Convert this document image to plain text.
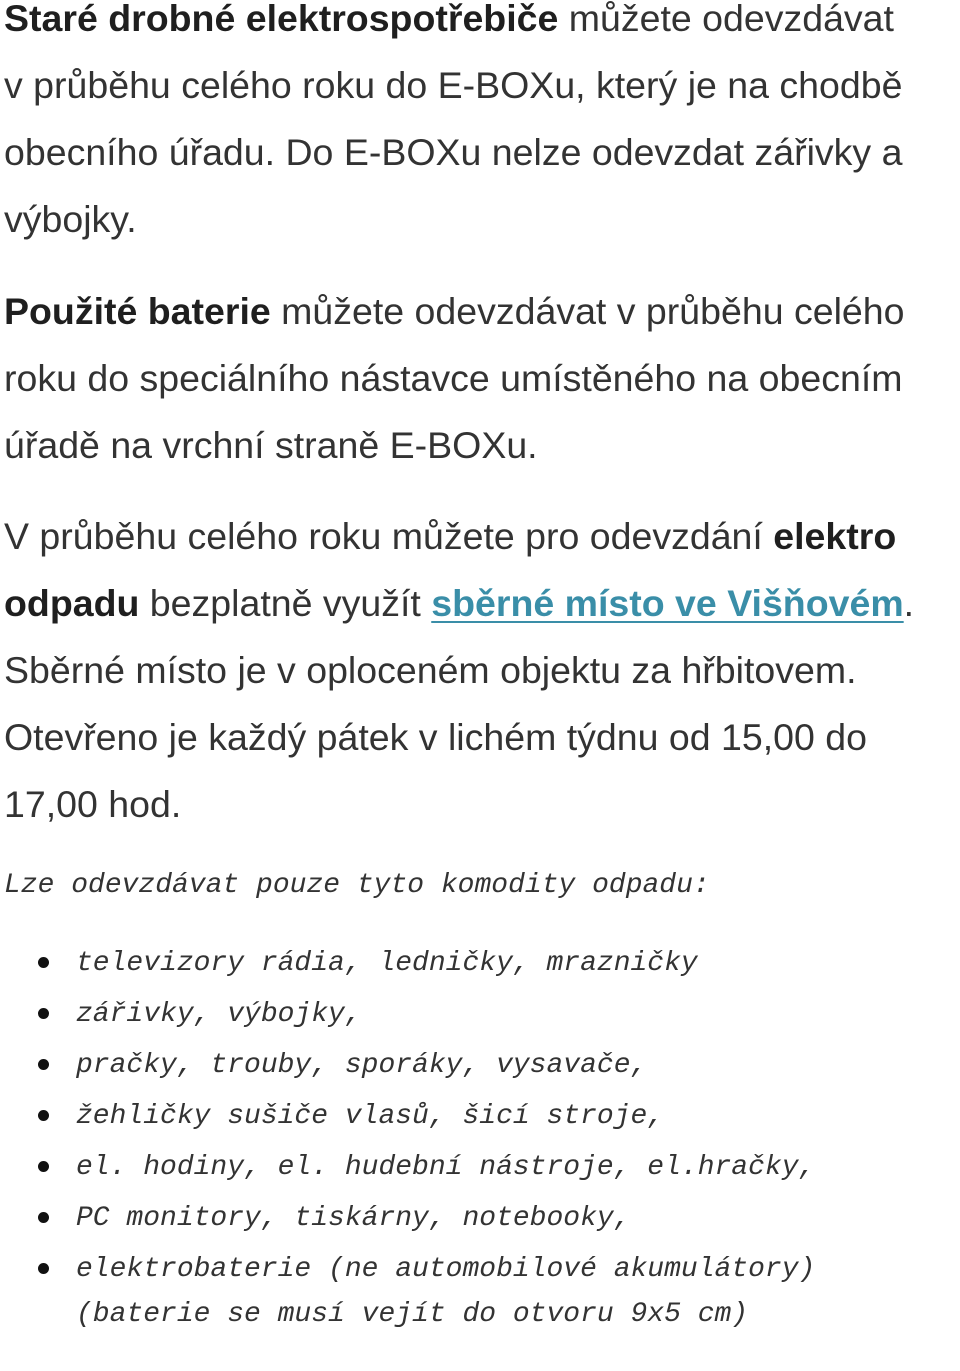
Staré drobné elektrospotřebiče můžete odevzdávat
v průběhu celého roku do E-BOXu, který je na chodbě
obecního úřadu. Do E-BOXu nelze odevzdat zářivky a
výbojky.

Použité baterie můžete odevzdávat v průběhu celého
roku do speciálního nástavce umístěného na obecním
úřadě na vrchní straně E-BOXu.

V průběhu celého roku můžete pro odevzdání elektro
odpadu bezplatně využít sběrné místo ve Višňovém.
Sběrné místo je v oploceném objektu za hřbitovem.
Otevřeno je každý pátek v lichém týdnu od 15,00 do
17,00 hod.

Lze odevzdávat pouze tyto komodity odpadu:

televizory rádia, ledničky, mrazničky
zářivky, výbojky,
pračky, trouby, sporáky, vysavače,
žehličky sušiče vlasů, šicí stroje,
el. hodiny, el. hudební nástroje, el.hračky,
PC monitory, tiskárny, notebooky,
elektrobaterie (ne automobilové akumulátory)(baterie se musí vejít do otvoru 9x5 cm)
